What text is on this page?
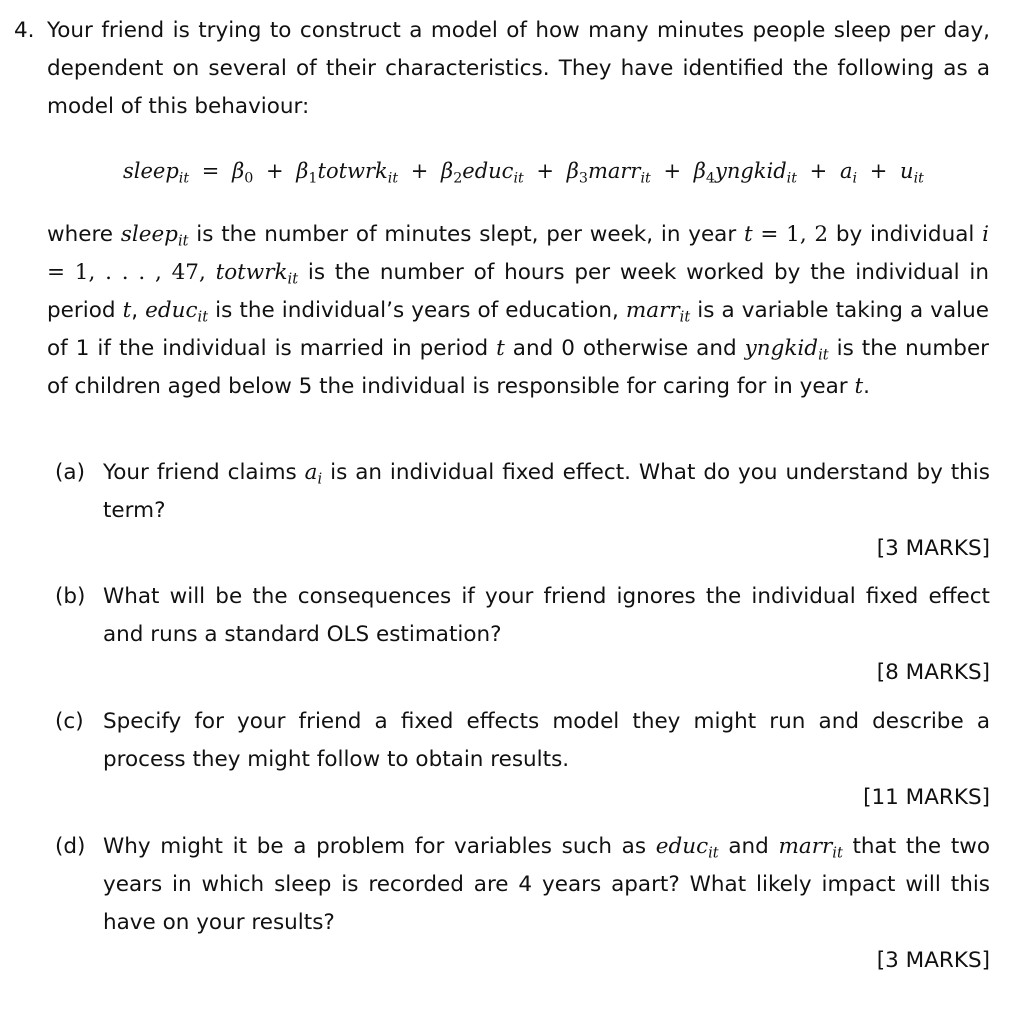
4. Your friend is trying to construct a model of how many minutes people sleep per day, dependent on several of their characteristics. They have identified the following as a model of this behaviour:
sleep$_{it}$ = $\beta_0$ + $\beta_1totwrk_{it}$ + $\beta_2educ_{it}$ + $\beta_3marr_{it}$ + $\beta_4yngkid_{it} + a_i + u_{it}$
where sleep$_{it}$ is the number of minutes slept, per week, in year t = 1, 2 by individual i = 1, . . . , 47, totwrk$_{it}$ is the number of hours per week worked by the individual in period t, educ$_{it}$ is the individual’s years of education, marr$_{it}$ is a variable taking a value of 1 if the individual is married in period t and 0 otherwise and yngkid$_{it}$ is the number of children aged below 5 the individual is responsible for caring for in year t.
(a) Your friend claims $a_i$ is an individual fixed effect. What do you understand by this term?
[3 MARKS]
(b) What will be the consequences if your friend ignores the individual fixed effect and runs a standard OLS estimation?
[8 MARKS]
(c) Specify for your friend a fixed effects model they might run and describe a process they might follow to obtain results.
[11 MARKS]
(d) Why might it be a problem for variables such as educ$_{it}$ and marr$_{it}$ that the two years in which sleep is recorded are 4 years apart? What likely impact will this have on your results?
[3 MARKS]
